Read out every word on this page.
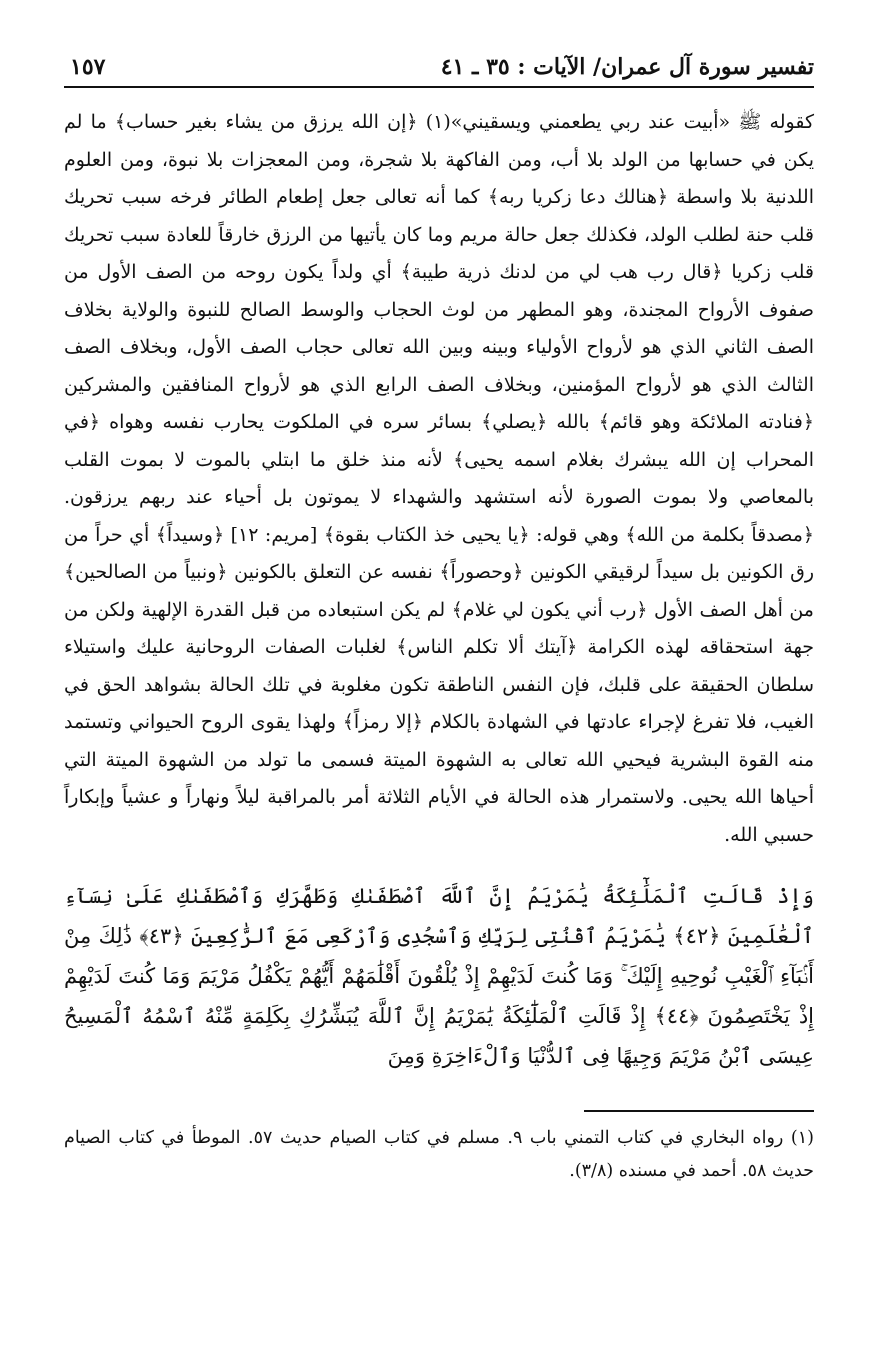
تفسير سورة آل عمران/ الآيات : ٣٥ ـ ٤١
١٥٧

كقوله ﷺ «أبيت عند ربي يطعمني ويسقيني»(١) ﴿إن الله يرزق من يشاء بغير حساب﴾ ما لم يكن في حسابها من الولد بلا أب، ومن الفاكهة بلا شجرة، ومن المعجزات بلا نبوة، ومن العلوم اللدنية بلا واسطة ﴿هنالك دعا زكريا ربه﴾ كما أنه تعالى جعل إطعام الطائر فرخه سبب تحريك قلب حنة لطلب الولد، فكذلك جعل حالة مريم وما كان يأتيها من الرزق خارقاً للعادة سبب تحريك قلب زكريا ﴿قال رب هب لي من لدنك ذرية طيبة﴾ أي ولداً يكون روحه من الصف الأول من صفوف الأرواح المجندة، وهو المطهر من لوث الحجاب والوسط الصالح للنبوة والولاية بخلاف الصف الثاني الذي هو لأرواح الأولياء وبينه وبين الله تعالى حجاب الصف الأول، وبخلاف الصف الثالث الذي هو لأرواح المؤمنين، وبخلاف الصف الرابع الذي هو لأرواح المنافقين والمشركين ﴿فنادته الملائكة وهو قائم﴾ بالله ﴿يصلي﴾ بسائر سره في الملكوت يحارب نفسه وهواه ﴿في المحراب إن الله يبشرك بغلام اسمه يحيى﴾ لأنه منذ خلق ما ابتلي بالموت لا بموت القلب بالمعاصي ولا بموت الصورة لأنه استشهد والشهداء لا يموتون بل أحياء عند ربهم يرزقون. ﴿مصدقاً بكلمة من الله﴾ وهي قوله: ﴿يا يحيى خذ الكتاب بقوة﴾ [مريم: ١٢] ﴿وسيداً﴾ أي حراً من رق الكونين بل سيداً لرقيقي الكونين ﴿وحصوراً﴾ نفسه عن التعلق بالكونين ﴿ونبياً من الصالحين﴾ من أهل الصف الأول ﴿رب أني يكون لي غلام﴾ لم يكن استبعاده من قبل القدرة الإلهية ولكن من جهة استحقاقه لهذه الكرامة ﴿آيتك ألا تكلم الناس﴾ لغلبات الصفات الروحانية عليك واستيلاء سلطان الحقيقة على قلبك، فإن النفس الناطقة تكون مغلوبة في تلك الحالة بشواهد الحق في الغيب، فلا تفرغ لإجراء عادتها في الشهادة بالكلام ﴿إلا رمزاً﴾ ولهذا يقوى الروح الحيواني وتستمد منه القوة البشرية فيحيي الله تعالى به الشهوة الميتة فسمى ما تولد من الشهوة الميتة التي أحياها الله يحيى. ولاستمرار هذه الحالة في الأيام الثلاثة أمر بالمراقبة ليلاً ونهاراً و عشياً وإبكاراً حسبي الله.

وَإِذْ قَالَتِ ٱلْمَلَٰٓئِكَةُ يَٰمَرْيَمُ إِنَّ ٱللَّهَ ٱصْطَفَىٰكِ وَطَهَّرَكِ وَٱصْطَفَىٰكِ عَلَىٰ نِسَآءِ ٱلْعَٰلَمِينَ ﴿٤٢﴾ يَٰمَرْيَمُ ٱقْنُتِى لِرَبِّكِ وَٱسْجُدِى وَٱرْكَعِى مَعَ ٱلرَّٰكِعِينَ ﴿٤٣﴾ ذَٰلِكَ مِنْ أَنۢبَآءِ ٱلْغَيْبِ نُوحِيهِ إِلَيْكَ ۚ وَمَا كُنتَ لَدَيْهِمْ إِذْ يُلْقُونَ أَقْلَٰمَهُمْ أَيُّهُمْ يَكْفُلُ مَرْيَمَ وَمَا كُنتَ لَدَيْهِمْ إِذْ يَخْتَصِمُونَ ﴿٤٤﴾ إِذْ قَالَتِ ٱلْمَلَٰٓئِكَةُ يَٰمَرْيَمُ إِنَّ ٱللَّهَ يُبَشِّرُكِ بِكَلِمَةٍ مِّنْهُ ٱسْمُهُ ٱلْمَسِيحُ عِيسَى ٱبْنُ مَرْيَمَ وَجِيهًا فِى ٱلدُّنْيَا وَٱلْءَاخِرَةِ وَمِنَ
(١) رواه البخاري في كتاب التمني باب ٩. مسلم في كتاب الصيام حديث ٥٧. الموطأ في كتاب الصيام حديث ٥٨. أحمد في مسنده (٣/٨).
